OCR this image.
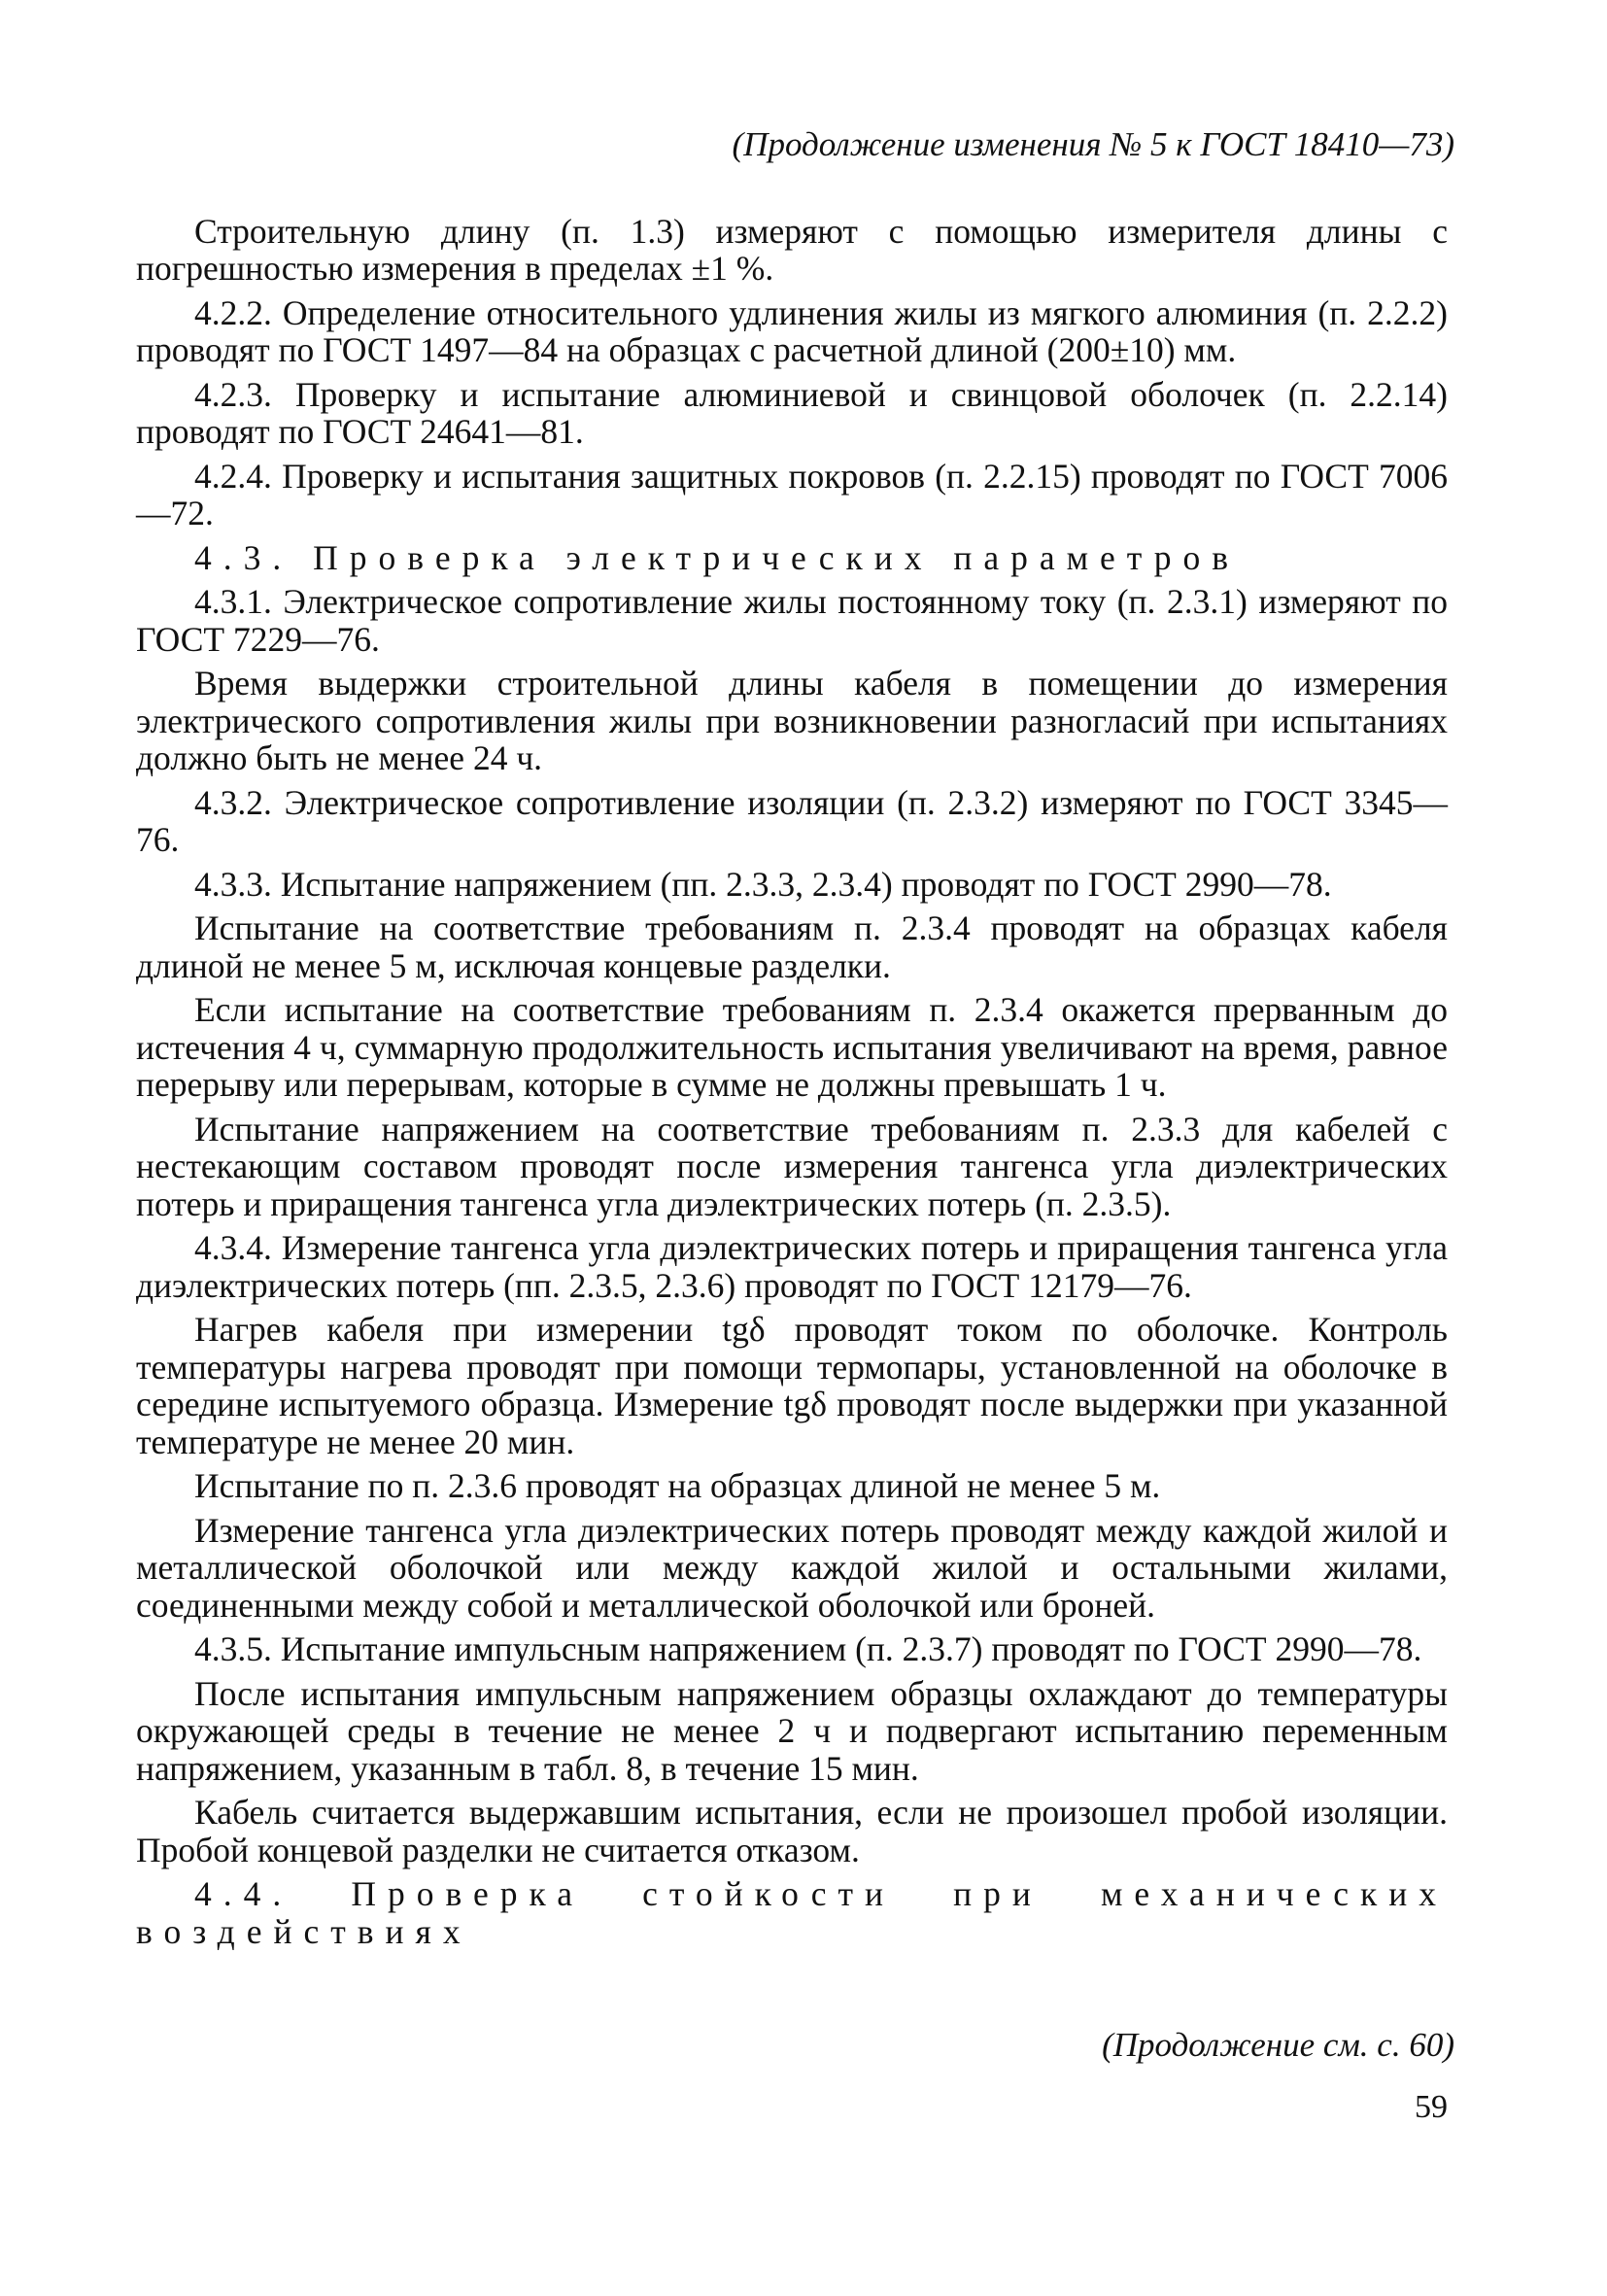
(Продолжение изменения № 5 к ГОСТ 18410—73)

Строительную длину (п. 1.3) измеряют с помощью измерителя длины с погрешностью измерения в пределах ±1 %.

4.2.2. Определение относительного удлинения жилы из мягкого алюминия (п. 2.2.2) проводят по ГОСТ 1497—84 на образцах с расчетной длиной (200±10) мм.

4.2.3. Проверку и испытание алюминиевой и свинцовой оболочек (п. 2.2.14) проводят по ГОСТ 24641—81.

4.2.4. Проверку и испытания защитных покровов (п. 2.2.15) проводят по ГОСТ 7006—72.

4.3. Проверка электрических параметров

4.3.1. Электрическое сопротивление жилы постоянному току (п. 2.3.1) измеряют по ГОСТ 7229—76.

Время выдержки строительной длины кабеля в помещении до измерения электрического сопротивления жилы при возникновении разногласий при испытаниях должно быть не менее 24 ч.

4.3.2. Электрическое сопротивление изоляции (п. 2.3.2) измеряют по ГОСТ 3345—76.

4.3.3. Испытание напряжением (пп. 2.3.3, 2.3.4) проводят по ГОСТ 2990—78.

Испытание на соответствие требованиям п. 2.3.4 проводят на образцах кабеля длиной не менее 5 м, исключая концевые разделки.

Если испытание на соответствие требованиям п. 2.3.4 окажется прерванным до истечения 4 ч, суммарную продолжительность испытания увеличивают на время, равное перерыву или перерывам, которые в сумме не должны превышать 1 ч.

Испытание напряжением на соответствие требованиям п. 2.3.3 для кабелей с нестекающим составом проводят после измерения тангенса угла диэлектрических потерь и приращения тангенса угла диэлектрических потерь (п. 2.3.5).

4.3.4. Измерение тангенса угла диэлектрических потерь и приращения тангенса угла диэлектрических потерь (пп. 2.3.5, 2.3.6) проводят по ГОСТ 12179—76.

Нагрев кабеля при измерении tgδ проводят током по оболочке. Контроль температуры нагрева проводят при помощи термопары, установленной на оболочке в середине испытуемого образца. Измерение tgδ проводят после выдержки при указанной температуре не менее 20 мин.

Испытание по п. 2.3.6 проводят на образцах длиной не менее 5 м.

Измерение тангенса угла диэлектрических потерь проводят между каждой жилой и металлической оболочкой или между каждой жилой и остальными жилами, соединенными между собой и металлической оболочкой или броней.

4.3.5. Испытание импульсным напряжением (п. 2.3.7) проводят по ГОСТ 2990—78.

После испытания импульсным напряжением образцы охлаждают до температуры окружающей среды в течение не менее 2 ч и подвергают испытанию переменным напряжением, указанным в табл. 8, в течение 15 мин.

Кабель считается выдержавшим испытания, если не произошел пробой изоляции. Пробой концевой разделки не считается отказом.

4.4. Проверка стойкости при механических воздействиях

(Продолжение см. с. 60)
59
